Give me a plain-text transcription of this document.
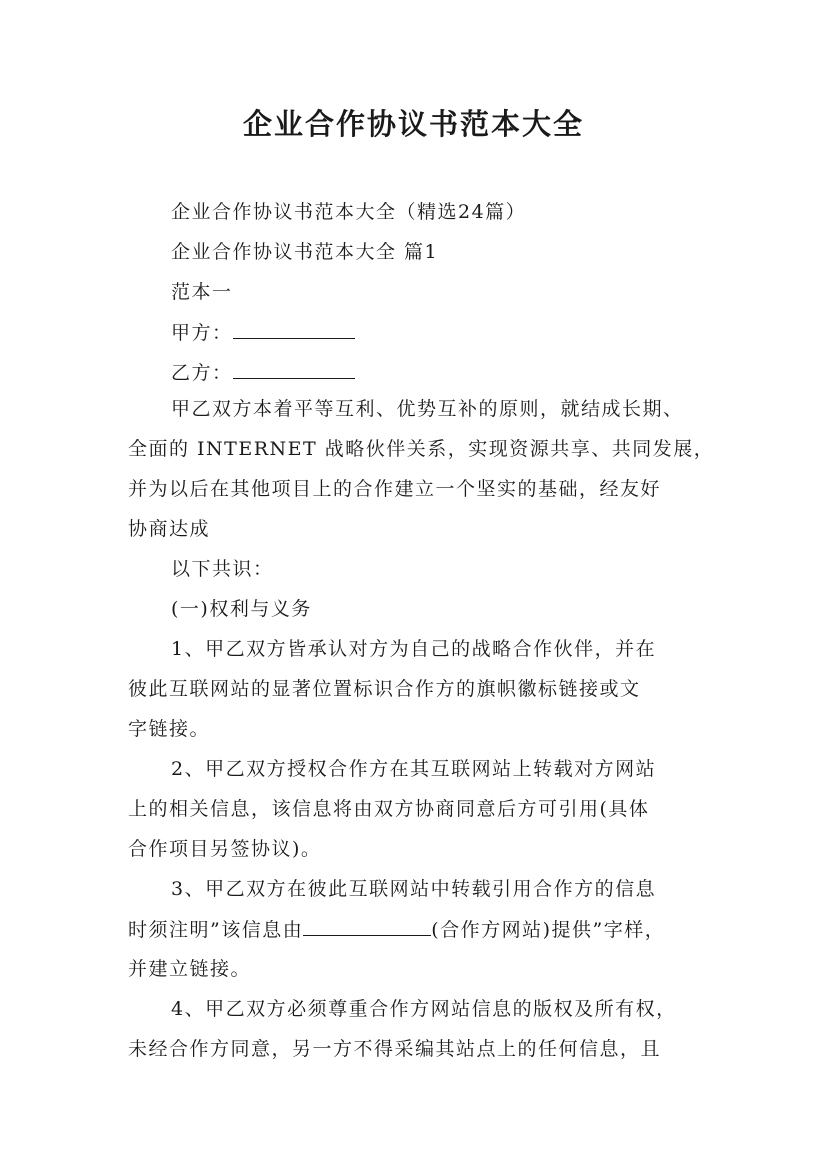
企业合作协议书范本大全
企业合作协议书范本大全（精选24篇）
企业合作协议书范本大全 篇1
范本一
甲方：
乙方：
甲乙双方本着平等互利、优势互补的原则，就结成长期、
全面的 INTERNET 战略伙伴关系，实现资源共享、共同发展，
并为以后在其他项目上的合作建立一个坚实的基础，经友好
协商达成
以下共识：
(一)权利与义务
1、甲乙双方皆承认对方为自己的战略合作伙伴，并在
彼此互联网站的显著位置标识合作方的旗帜徽标链接或文
字链接。
2、甲乙双方授权合作方在其互联网站上转载对方网站
上的相关信息，该信息将由双方协商同意后方可引用(具体
合作项目另签协议)。
3、甲乙双方在彼此互联网站中转载引用合作方的信息
时须注明”该信息由	(合作方网站)提供”字样，
并建立链接。
4、甲乙双方必须尊重合作方网站信息的版权及所有权，
未经合作方同意，另一方不得采编其站点上的任何信息，且
